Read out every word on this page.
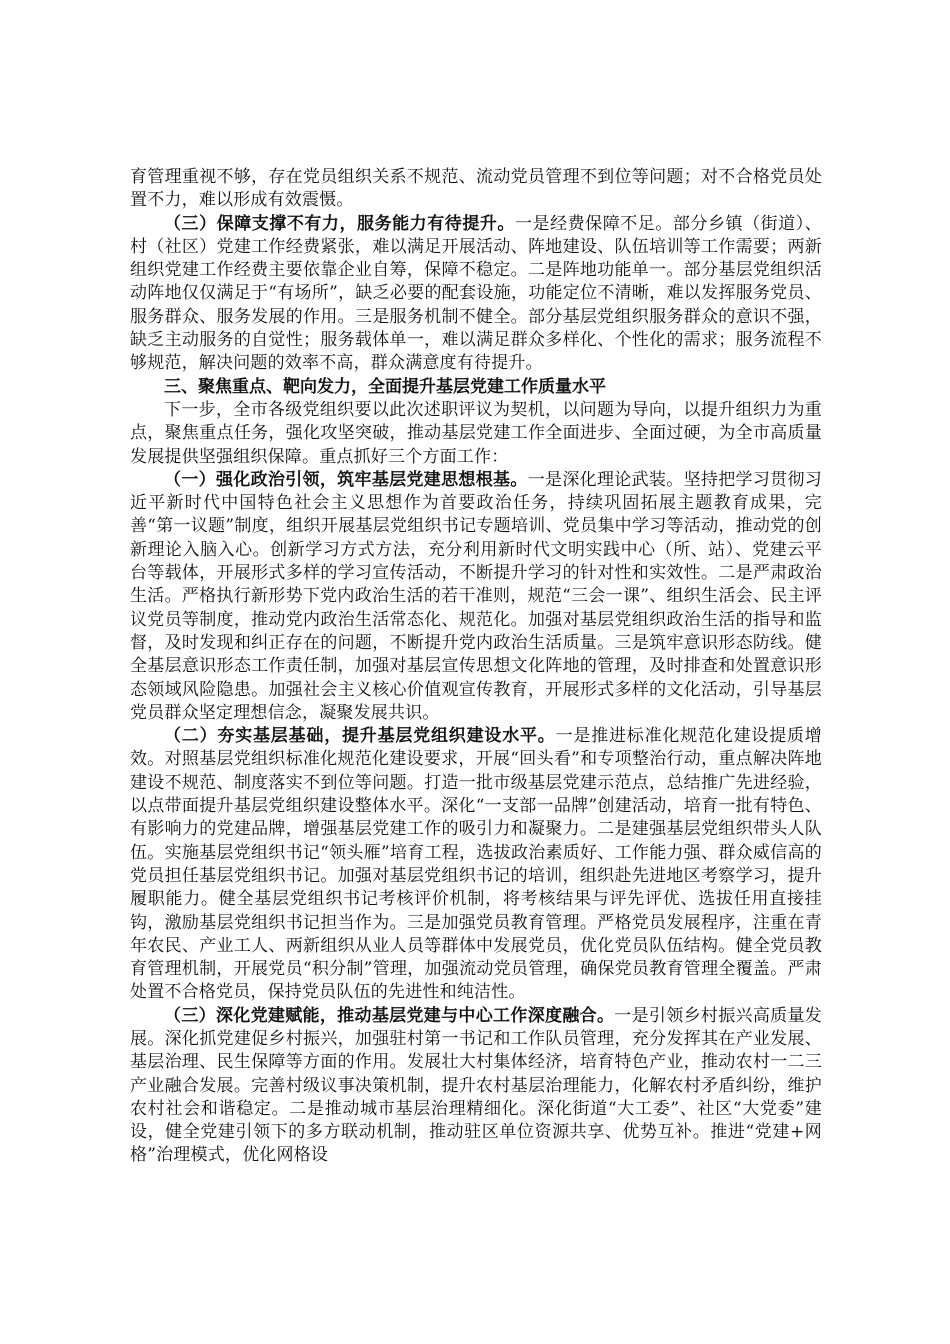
育管理重视不够，存在党员组织关系不规范、流动党员管理不到位等问题；对不合格党员处置不力，难以形成有效震慑。

（三）保障支撑不有力，服务能力有待提升。一是经费保障不足。部分乡镇（街道）、村（社区）党建工作经费紧张，难以满足开展活动、阵地建设、队伍培训等工作需要；两新组织党建工作经费主要依靠企业自筹，保障不稳定。二是阵地功能单一。部分基层党组织活动阵地仅仅满足于“有场所”，缺乏必要的配套设施，功能定位不清晰，难以发挥服务党员、服务群众、服务发展的作用。三是服务机制不健全。部分基层党组织服务群众的意识不强，缺乏主动服务的自觉性；服务载体单一，难以满足群众多样化、个性化的需求；服务流程不够规范，解决问题的效率不高，群众满意度有待提升。

三、聚焦重点、靶向发力，全面提升基层党建工作质量水平

下一步，全市各级党组织要以此次述职评议为契机，以问题为导向，以提升组织力为重点，聚焦重点任务，强化攻坚突破，推动基层党建工作全面进步、全面过硬，为全市高质量发展提供坚强组织保障。重点抓好三个方面工作：

（一）强化政治引领，筑牢基层党建思想根基。一是深化理论武装。坚持把学习贯彻习近平新时代中国特色社会主义思想作为首要政治任务，持续巩固拓展主题教育成果，完善“第一议题”制度，组织开展基层党组织书记专题培训、党员集中学习等活动，推动党的创新理论入脑入心。创新学习方式方法，充分利用新时代文明实践中心（所、站）、党建云平台等载体，开展形式多样的学习宣传活动，不断提升学习的针对性和实效性。二是严肃政治生活。严格执行新形势下党内政治生活的若干准则，规范“三会一课”、组织生活会、民主评议党员等制度，推动党内政治生活常态化、规范化。加强对基层党组织政治生活的指导和监督，及时发现和纠正存在的问题，不断提升党内政治生活质量。三是筑牢意识形态防线。健全基层意识形态工作责任制，加强对基层宣传思想文化阵地的管理，及时排查和处置意识形态领域风险隐患。加强社会主义核心价值观宣传教育，开展形式多样的文化活动，引导基层党员群众坚定理想信念，凝聚发展共识。

（二）夯实基层基础，提升基层党组织建设水平。一是推进标准化规范化建设提质增效。对照基层党组织标准化规范化建设要求，开展“回头看”和专项整治行动，重点解决阵地建设不规范、制度落实不到位等问题。打造一批市级基层党建示范点，总结推广先进经验，以点带面提升基层党组织建设整体水平。深化“一支部一品牌”创建活动，培育一批有特色、有影响力的党建品牌，增强基层党建工作的吸引力和凝聚力。二是建强基层党组织带头人队伍。实施基层党组织书记“领头雁”培育工程，选拔政治素质好、工作能力强、群众威信高的党员担任基层党组织书记。加强对基层党组织书记的培训，组织赴先进地区考察学习，提升履职能力。健全基层党组织书记考核评价机制，将考核结果与评先评优、选拔任用直接挂钩，激励基层党组织书记担当作为。三是加强党员教育管理。严格党员发展程序，注重在青年农民、产业工人、两新组织从业人员等群体中发展党员，优化党员队伍结构。健全党员教育管理机制，开展党员“积分制”管理，加强流动党员管理，确保党员教育管理全覆盖。严肃处置不合格党员，保持党员队伍的先进性和纯洁性。

（三）深化党建赋能，推动基层党建与中心工作深度融合。一是引领乡村振兴高质量发展。深化抓党建促乡村振兴，加强驻村第一书记和工作队员管理，充分发挥其在产业发展、基层治理、民生保障等方面的作用。发展壮大村集体经济，培育特色产业，推动农村一二三产业融合发展。完善村级议事决策机制，提升农村基层治理能力，化解农村矛盾纠纷，维护农村社会和谐稳定。二是推动城市基层治理精细化。深化街道“大工委”、社区“大党委”建设，健全党建引领下的多方联动机制，推动驻区单位资源共享、优势互补。推进“党建+网格”治理模式，优化网格设
